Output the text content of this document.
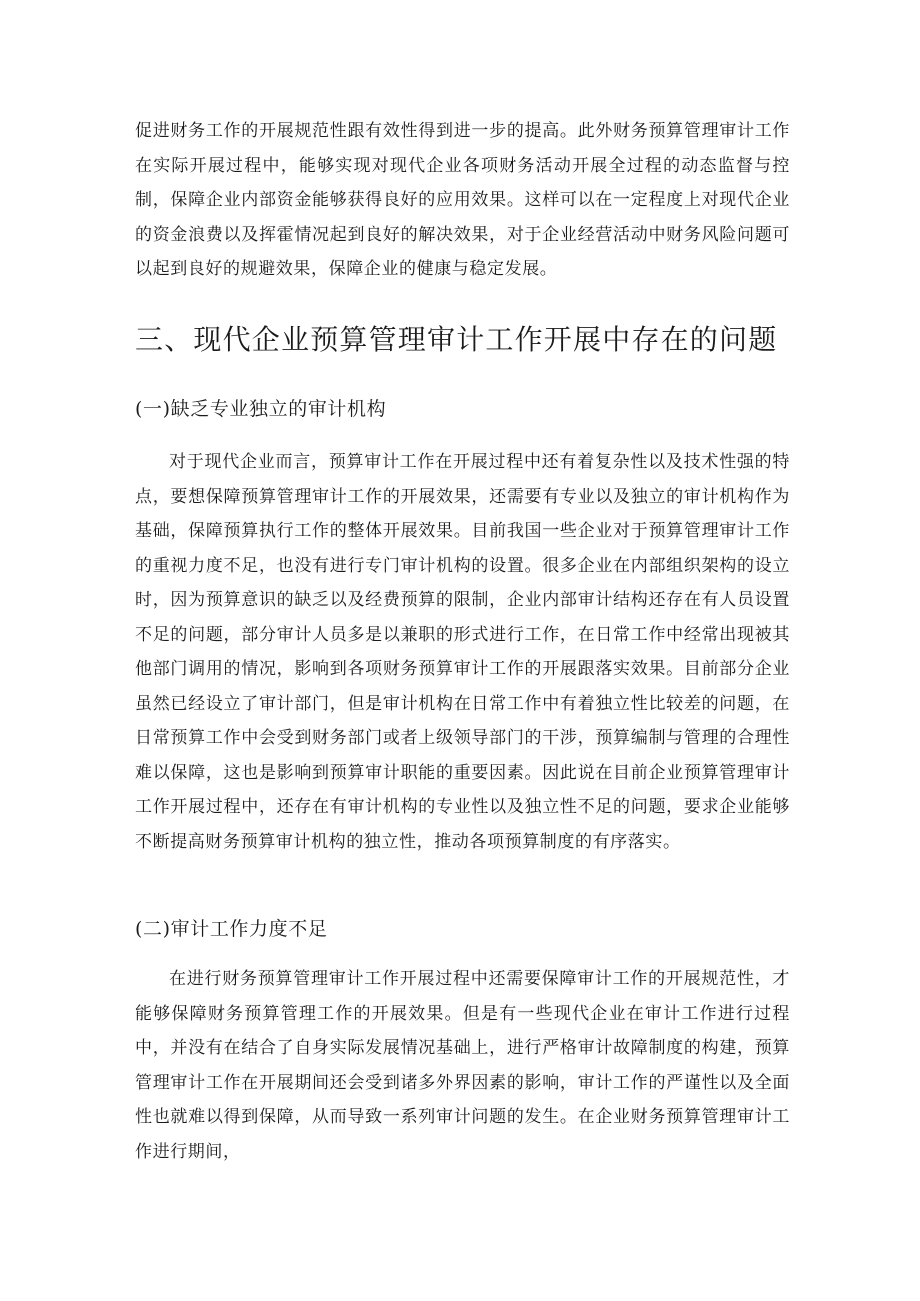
促进财务工作的开展规范性跟有效性得到进一步的提高。此外财务预算管理审计工作在实际开展过程中，能够实现对现代企业各项财务活动开展全过程的动态监督与控制，保障企业内部资金能够获得良好的应用效果。这样可以在一定程度上对现代企业的资金浪费以及挥霍情况起到良好的解决效果，对于企业经营活动中财务风险问题可以起到良好的规避效果，保障企业的健康与稳定发展。

三、现代企业预算管理审计工作开展中存在的问题
(一)缺乏专业独立的审计机构

对于现代企业而言，预算审计工作在开展过程中还有着复杂性以及技术性强的特点，要想保障预算管理审计工作的开展效果，还需要有专业以及独立的审计机构作为基础，保障预算执行工作的整体开展效果。目前我国一些企业对于预算管理审计工作的重视力度不足，也没有进行专门审计机构的设置。很多企业在内部组织架构的设立时，因为预算意识的缺乏以及经费预算的限制，企业内部审计结构还存在有人员设置不足的问题，部分审计人员多是以兼职的形式进行工作，在日常工作中经常出现被其他部门调用的情况，影响到各项财务预算审计工作的开展跟落实效果。目前部分企业虽然已经设立了审计部门，但是审计机构在日常工作中有着独立性比较差的问题，在日常预算工作中会受到财务部门或者上级领导部门的干涉，预算编制与管理的合理性难以保障，这也是影响到预算审计职能的重要因素。因此说在目前企业预算管理审计工作开展过程中，还存在有审计机构的专业性以及独立性不足的问题，要求企业能够不断提高财务预算审计机构的独立性，推动各项预算制度的有序落实。

(二)审计工作力度不足

在进行财务预算管理审计工作开展过程中还需要保障审计工作的开展规范性，才能够保障财务预算管理工作的开展效果。但是有一些现代企业在审计工作进行过程中，并没有在结合了自身实际发展情况基础上，进行严格审计故障制度的构建，预算管理审计工作在开展期间还会受到诸多外界因素的影响，审计工作的严谨性以及全面性也就难以得到保障，从而导致一系列审计问题的发生。在企业财务预算管理审计工作进行期间，
